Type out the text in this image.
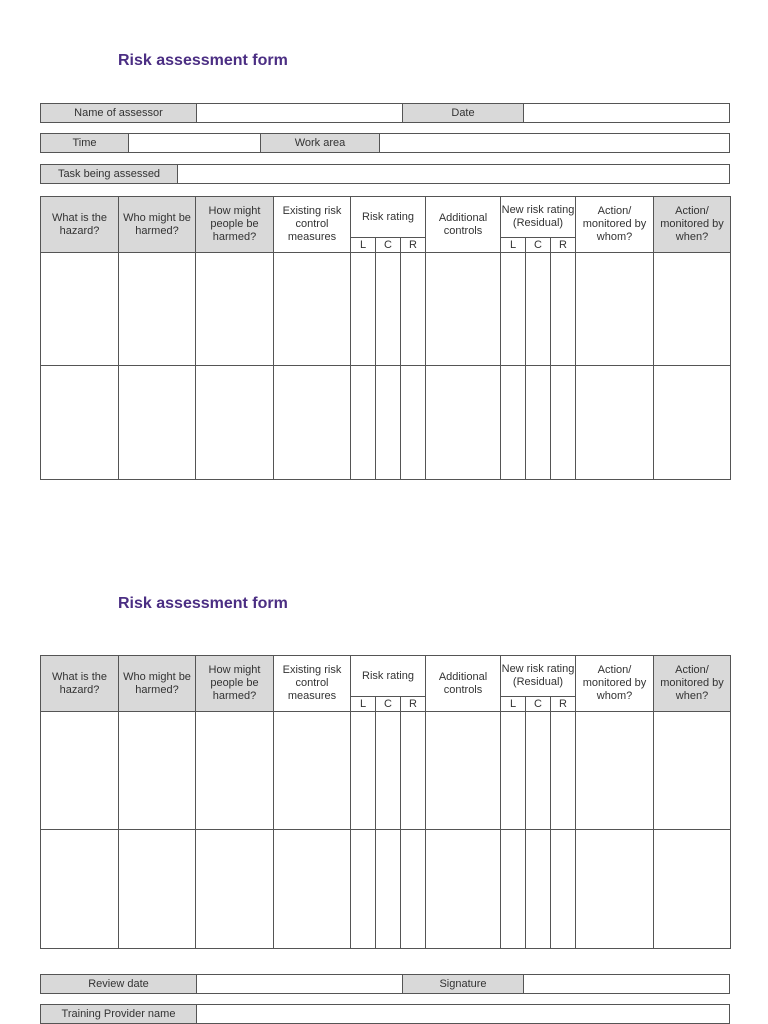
Risk assessment form
Name of assessor	Date
Time	Work area
Task being assessed
What is the hazard?	Who might be harmed?	How might people be harmed?	Existing risk control measures	Risk rating			Additional controls	New risk rating (Residual)			Action/ monitored by whom?	Action/ monitored by when?
				L	C	R		L	C	R		

Risk assessment form
What is the hazard?	Who might be harmed?	How might people be harmed?	Existing risk control measures	Risk rating			Additional controls	New risk rating (Residual)			Action/ monitored by whom?	Action/ monitored by when?
				L	C	R		L	C	R		

Review date	Signature
Training Provider name
